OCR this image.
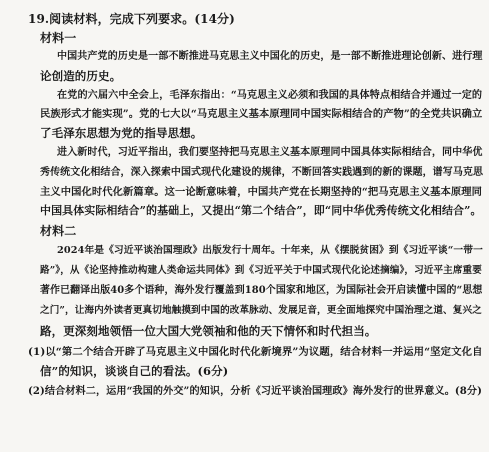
19.阅读材料，完成下列要求。(14分)
材料一
中国共产党的历史是一部不断推进马克思主义中国化的历史，是一部不断推进理论创新、进行理
论创造的历史。
在党的六届六中全会上，毛泽东指出：“马克思主义必须和我国的具体特点相结合并通过一定的
民族形式才能实现”。党的七大以“马克思主义基本原理同中国实际相结合的产物”的全党共识确立
了毛泽东思想为党的指导思想。
进入新时代，习近平指出，我们要坚持把马克思主义基本原理同中国具体实际相结合，同中华优
秀传统文化相结合，深入探索中国式现代化建设的规律，不断回答实践遇到的新的课题，谱写马克思
主义中国化时代化新篇章。这一论断意味着，中国共产党在长期坚持的“把马克思主义基本原理同
中国具体实际相结合”的基础上，又提出“第二个结合”，即“同中华优秀传统文化相结合”。
材料二
2024年是《习近平谈治国理政》出版发行十周年。十年来，从《摆脱贫困》到《习近平谈“一带一
路”》，从《论坚持推动构建人类命运共同体》到《习近平关于中国式现代化论述摘编》，习近平主席重要
著作已翻译出版40多个语种，海外发行覆盖到180个国家和地区，为国际社会开启读懂中国的“思想
之门”，让海内外读者更真切地触摸到中国的改革脉动、发展足音，更全面地探究中国治理之道、复兴之
路，更深刻地领悟一位大国大党领袖和他的天下情怀和时代担当。
(1)以“第二个结合开辟了马克思主义中国化时代化新境界”为议题，结合材料一并运用“坚定文化自
信”的知识，谈谈自己的看法。(6分)
(2)结合材料二，运用“我国的外交”的知识，分析《习近平谈治国理政》海外发行的世界意义。(8分)
